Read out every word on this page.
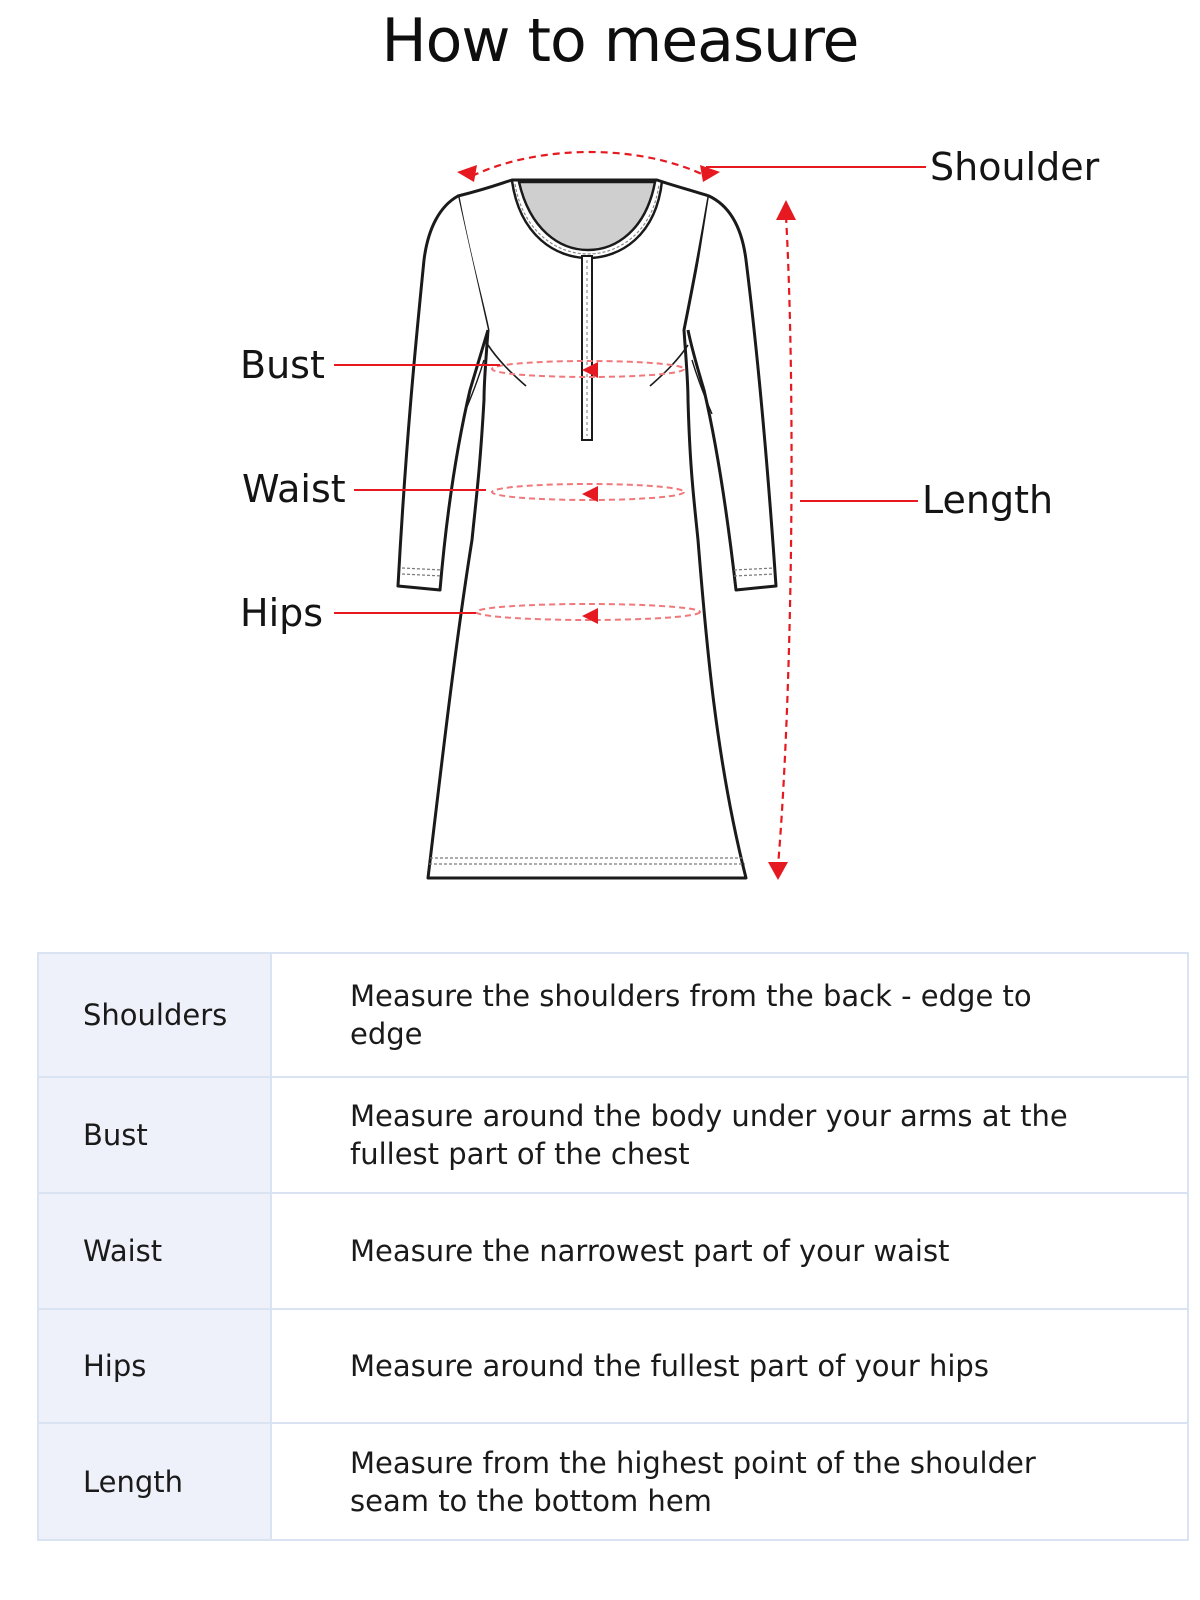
How to measure
Shoulder
Length
Bust
Waist
Hips
Shoulders	Measure the shoulders from the back - edge to edge

Bust	Measure around the body under your arms at the fullest part of the chest

Waist	Measure the narrowest part of your waist

Hips	Measure around the fullest part of your hips

Length	Measure from the highest point of the shoulder seam to the bottom hem
